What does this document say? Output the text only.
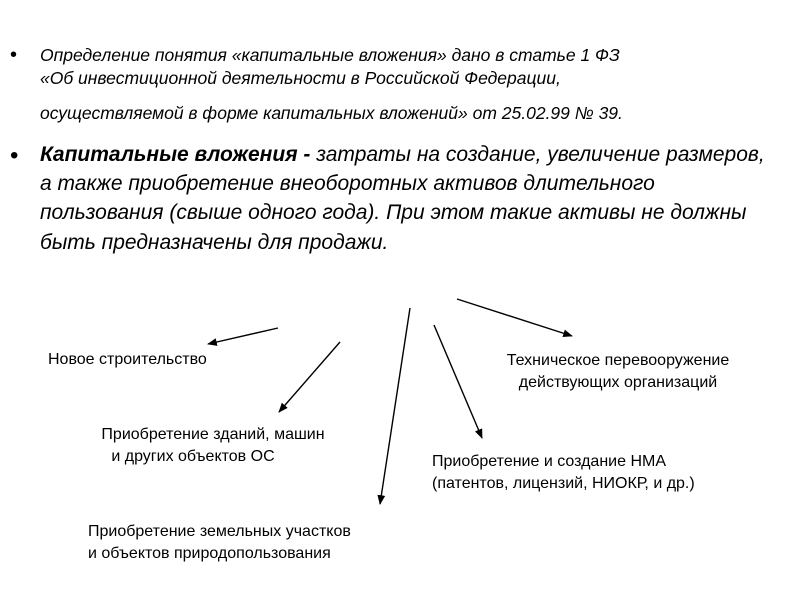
• Определение понятия «капитальные вложения» дано в статье 1 ФЗ
«Об инвестиционной деятельности в Российской Федерации,
осуществляемой в форме капитальных вложений» от 25.02.99 № 39.
• Капитальные вложения - затраты на создание, увеличение размеров, а также приобретение внеоборотных активов длительного пользования (свыше одного года). При этом такие активы не должны быть предназначены для продажи.
Новое строительство
Приобретение зданий, машин
и других объектов ОС
Приобретение земельных участков
и объектов природопользования
Техническое перевооружение
действующих организаций
Приобретение и создание НМА
(патентов, лицензий, НИОКР, и др.)
